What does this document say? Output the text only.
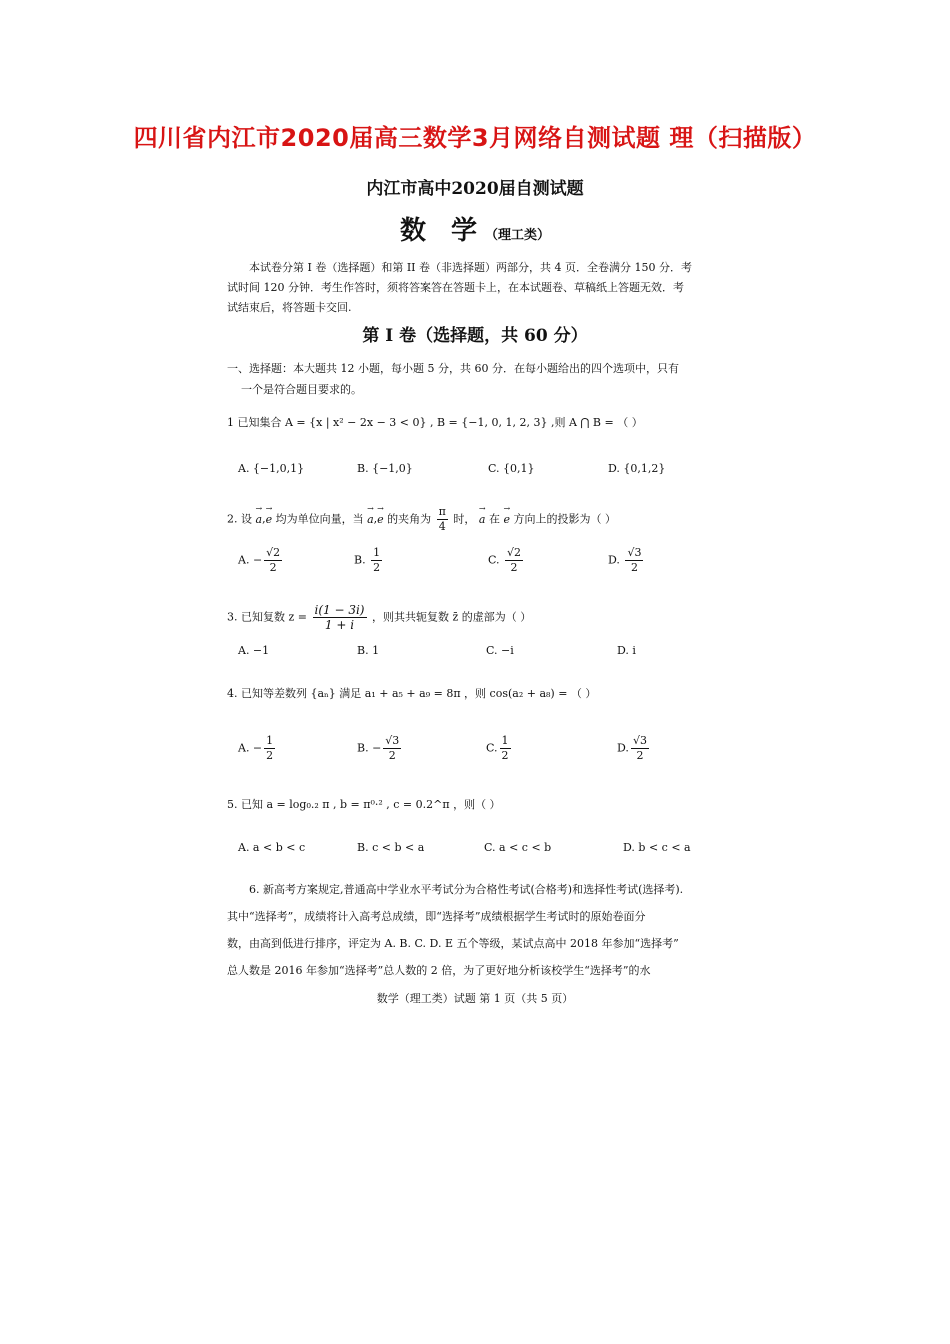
四川省内江市2020届高三数学3月网络自测试题 理（扫描版）
内江市高中2020届自测试题
数 学（理工类）
本试卷分第 I 卷（选择题）和第 II 卷（非选择题）两部分，共 4 页．全卷满分 150 分．考
试时间 120 分钟．考生作答时，须将答案答在答题卡上，在本试题卷、草稿纸上答题无效．考
试结束后，将答题卡交回.
第 I 卷（选择题，共 60 分）
一、选择题：本大题共 12 小题，每小题 5 分，共 60 分．在每小题给出的四个选项中，只有
一个是符合题目要求的。
1 已知集合 A = {x | x² − 2x − 3 < 0} , B = {−1, 0, 1, 2, 3} ,则 A ⋂ B = （ ）
A. {−1,0,1}	B. {−1,0}	C. {0,1}	D. {0,1,2}
2. 设 → a,→ e 均为单位向量，当 → a,→ e 的夹角为 $\frac{\pi}{4}$ 时， → a 在 → e 方向上的投影为（ ）
A. − $\frac{√2}{2}$	B. $\frac{1}{2}$	C. $\frac{√2}{2}$	D. $\frac{√3}{2}$
3. 已知复数 $z = \frac{i(1 - 3i)}{1 + i}$ ，则其共轭复数 z̄ 的虚部为（ ）
A. −1	B. 1	C. −i	D. i
4. 已知等差数列 {aₙ} 满足 a₁ + a₅ + a₉ = 8π ，则 cos(a₂ + a₈) = （ ）
A. − $\frac{1}{2}$	B. − $\frac{√3}{2}$	C. $\frac{1}{2}$	D. $\frac{√3}{2}$
5. 已知 a = log₀.₂ π , b = π⁰·² , c = 0.2^π ，则（ ）
A. a < b < c	B. c < b < a	C. a < c < b	D. b < c < a
6. 新高考方案规定,普通高中学业水平考试分为合格性考试(合格考)和选择性考试(选择考).
其中“选择考”，成绩将计入高考总成绩，即“选择考”成绩根据学生考试时的原始卷面分
数，由高到低进行排序，评定为 A. B. C. D. E 五个等级，某试点高中 2018 年参加“选择考”
总人数是 2016 年参加“选择考”总人数的 2 倍，为了更好地分析该校学生“选择考”的水
数学（理工类）试题 第 1 页（共 5 页）
